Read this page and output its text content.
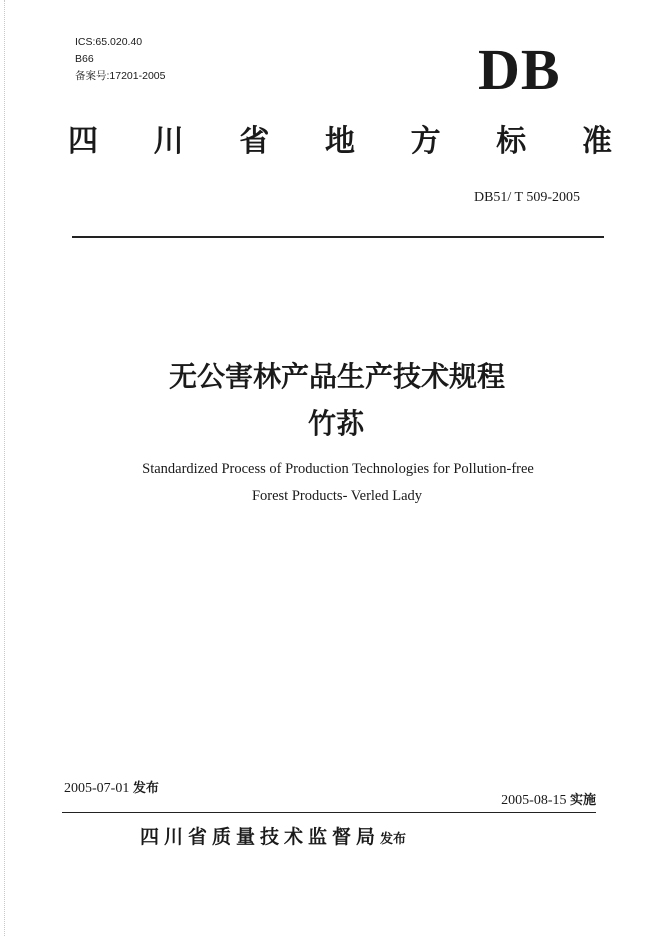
ICS:65.020.40
B66
备案号:17201-2005	DB
四 川 省 地 方 标 准
DB51/ T 509-2005
无公害林产品生产技术规程
竹荪
Standardized Process of Production Technologies for Pollution-free
Forest Products- Verled Lady
2005-07-01 发布
2005-08-15 实施
四川省质量技术监督局发布
